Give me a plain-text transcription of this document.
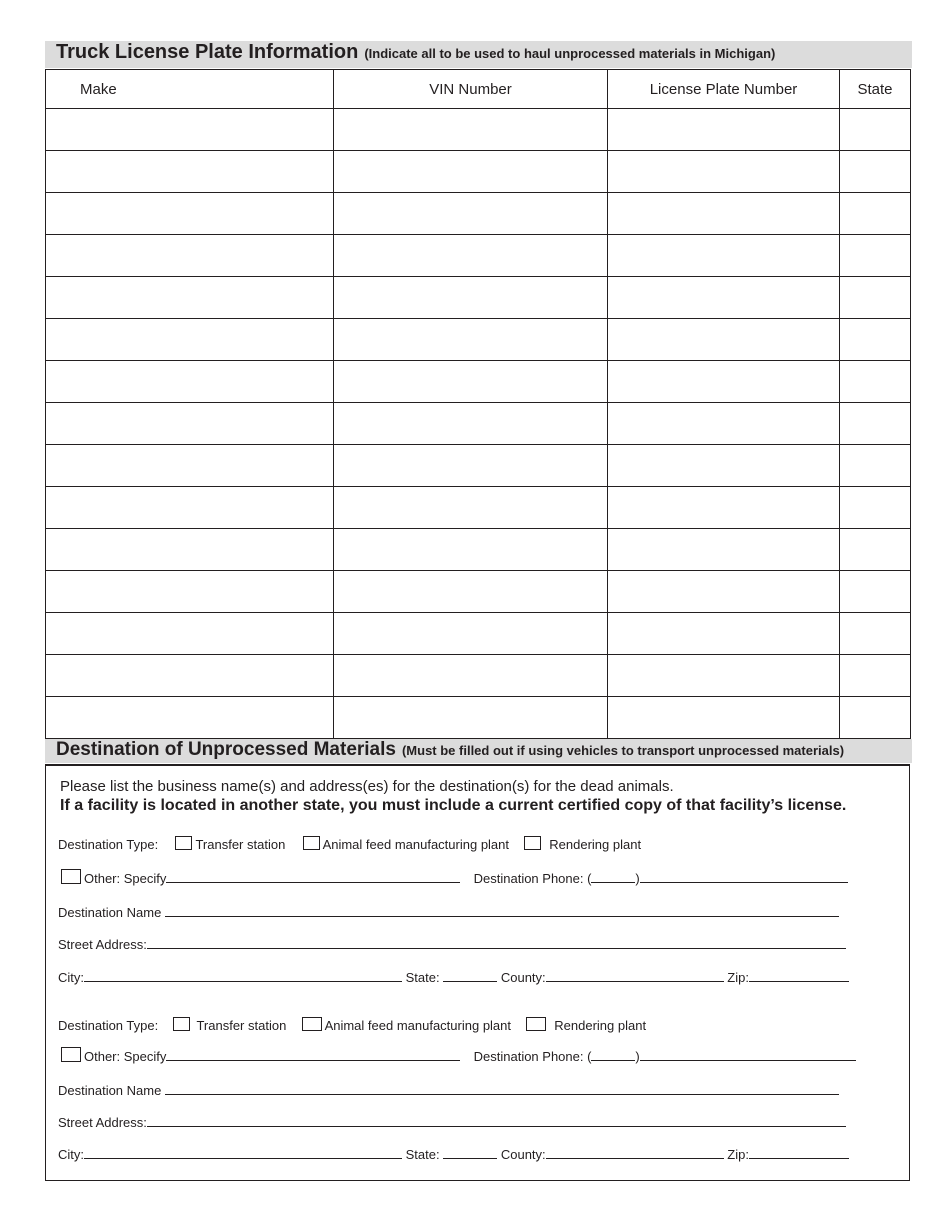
Truck License Plate Information (Indicate all to be used to haul unprocessed materials in Michigan)
Make	VIN Number	License Plate Number	State

Destination of Unprocessed Materials (Must be filled out if using vehicles to transport unprocessed materials)
Please list the business name(s) and address(es) for the destination(s) for the dead animals.
If a facility is located in another state, you must include a current certified copy of that facility’s license.
Destination Type:	Transfer station	Animal feed manufacturing plant	Rendering plant
Other: Specify	Destination Phone: (	)
Destination Name
Street Address:
City:	State:	County:	Zip:
Destination Type:	Transfer station	Animal feed manufacturing plant	Rendering plant
Other: Specify	Destination Phone: (	)
Destination Name
Street Address:
City:	State:	County:	Zip:
